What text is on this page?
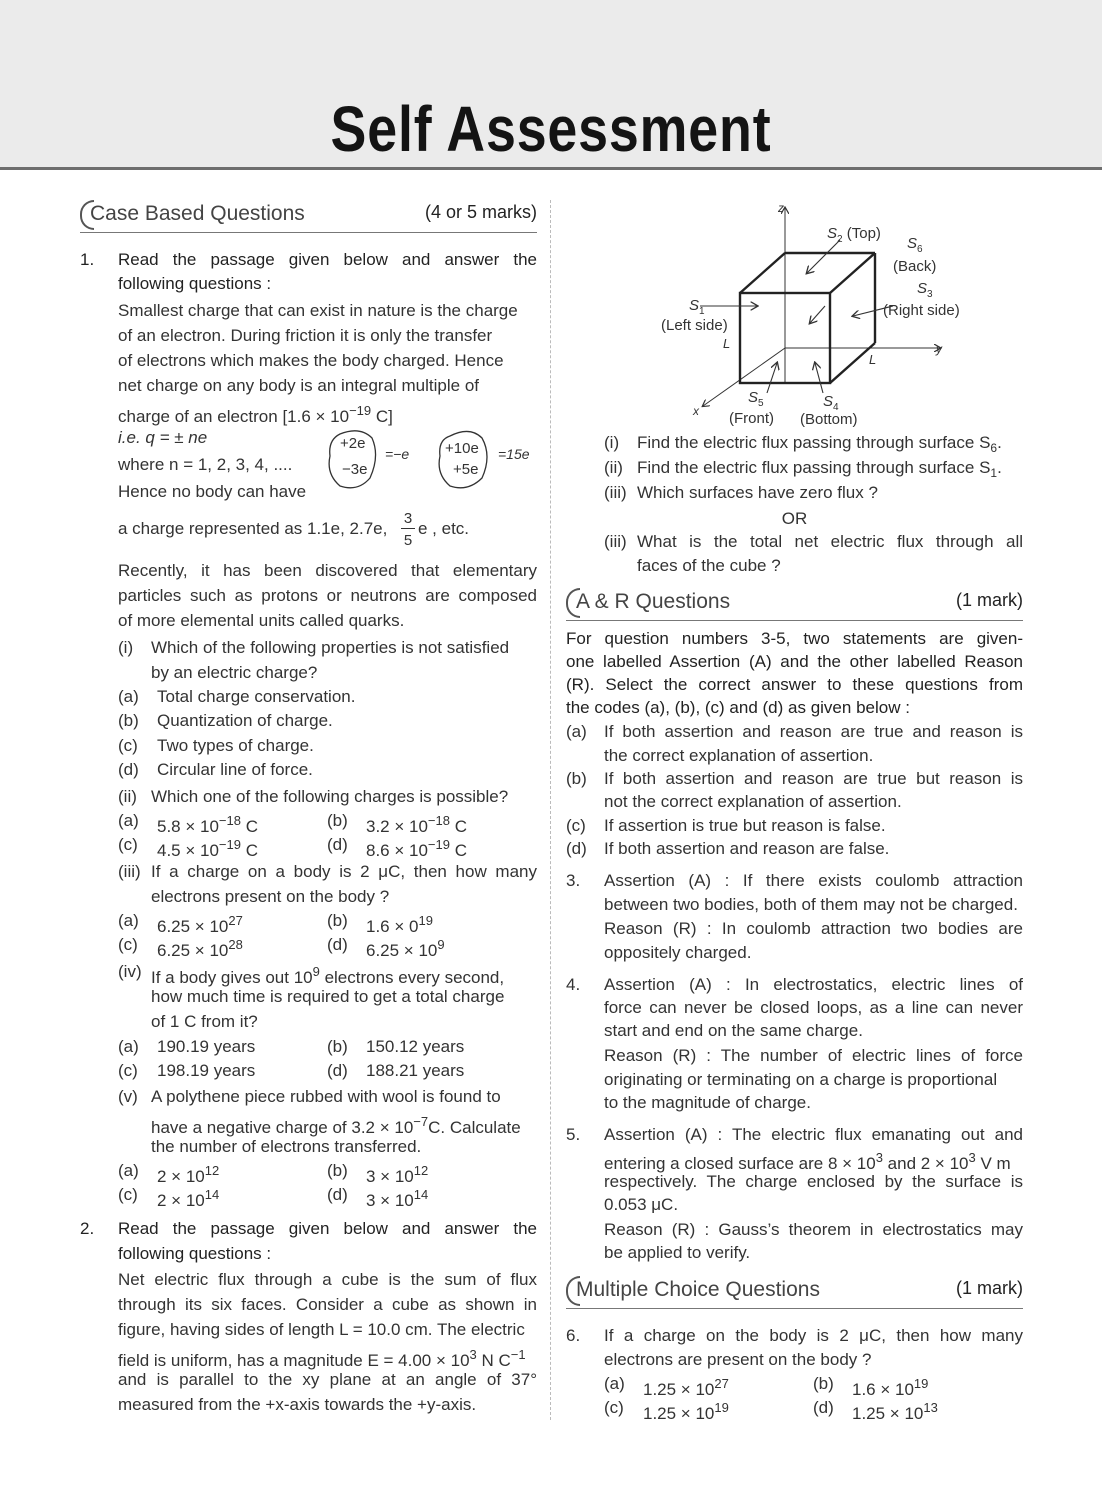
Self Assessment
Case Based Questions	(4 or 5 marks)
1. Read the passage given below and answer the
following questions :
Smallest charge that can exist in nature is the charge
of an electron. During friction it is only the transfer
of electrons which makes the body charged. Hence
net charge on any body is an integral multiple of
charge of an electron [$1.6 \times 10^{-19}$ C]
i.e. q = ± ne
where n = 1, 2, 3, 4, ....
Hence no body can have
+2e
−3e
=−e +10e
+5e
=15e
a charge represented as 1.1e, 2.7e,
3
5
e , etc.
Recently, it has been discovered that elementary
particles such as protons or neutrons are composed
of more elemental units called quarks.
(i) Which of the following properties is not satisfied
by an electric charge?
(a) Total charge conservation.
(b) Quantization of charge.
(c) Two types of charge.
(d) Circular line of force.
(ii) Which one of the following charges is possible?
(a) $5.8 \times 10^{-18}$ C	(b) $3.2 \times 10^{-18}$ C
(c) $4.5 \times 10^{-19}$ C	(d) $8.6 \times 10^{-19}$ C
(iii) If a charge on a body is 2 μC, then how many
electrons present on the body ?
(a) $6.25 \times 10^{27}$	(b) $1.6 \times 0^{19}$
(c) $6.25 \times 10^{28}$	(d) $6.25 \times 10^9$
(iv) If a body gives out $10^9$ electrons every second,
how much time is required to get a total charge
of 1 C from it?
(a) 190.19 years	(b) 150.12 years
(c) 198.19 years	(d) 188.21 years
(v) A polythene piece rubbed with wool is found to
have a negative charge of $3.2 \times 10^{-7}C$. Calculate
the number of electrons transferred.
(a) $2 \times 10^{12}$	(b) $3 \times 10^{12}$
(c) $2 \times 10^{14}$	(d) $3 \times 10^{14}$
2. Read the passage given below and answer the
following questions :
Net electric flux through a cube is the sum of flux
through its six faces. Consider a cube as shown in
figure, having sides of length L = 10.0 cm. The electric
field is uniform, has a magnitude $E = 4.00 \times 10^3$ N $C^{-1}$
and is parallel to the xy plane at an angle of 37°
measured from the +x-axis towards the +y-axis.
z
x
y
$S_2$ (Top)
$S_6$
(Back)
$S_3$
(Right side)
$S_1$
(Left side)
L
L
$S_5$
(Front)
$S_4$
(Bottom)
(i) Find the electric flux passing through surface $S_6$.
(ii) Find the electric flux passing through surface $S_1$.
(iii) Which surfaces have zero flux ?
OR
(iii) What is the total net electric flux through all
faces of the cube ?
A & R Questions	(1 mark)
For question numbers 3-5, two statements are given-
one labelled Assertion (A) and the other labelled Reason
(R). Select the correct answer to these questions from
the codes (a), (b), (c) and (d) as given below :
(a) If both assertion and reason are true and reason is
the correct explanation of assertion.
(b) If both assertion and reason are true but reason is
not the correct explanation of assertion.
(c) If assertion is true but reason is false.
(d) If both assertion and reason are false.
3. Assertion (A) : If there exists coulomb attraction
between two bodies, both of them may not be charged.
Reason (R) : In coulomb attraction two bodies are
oppositely charged.
4. Assertion (A) : In electrostatics, electric lines of
force can never be closed loops, as a line can never
start and end on the same charge.
Reason (R) : The number of electric lines of force
originating or terminating on a charge is proportional
to the magnitude of charge.
5. Assertion (A) : The electric flux emanating out and
entering a closed surface are $8 \times 10^3$ and $2 \times 10^3$ V m
respectively. The charge enclosed by the surface is
0.053 μC.
Reason (R) : Gauss’s theorem in electrostatics may
be applied to verify.
Multiple Choice Questions	(1 mark)
6. If a charge on the body is 2 μC, then how many
electrons are present on the body ?
(a) $1.25 \times 10^{27}$	(b) $1.6 \times 10^{19}$
(c) $1.25 \times 10^{19}$	(d) $1.25 \times 10^{13}$
